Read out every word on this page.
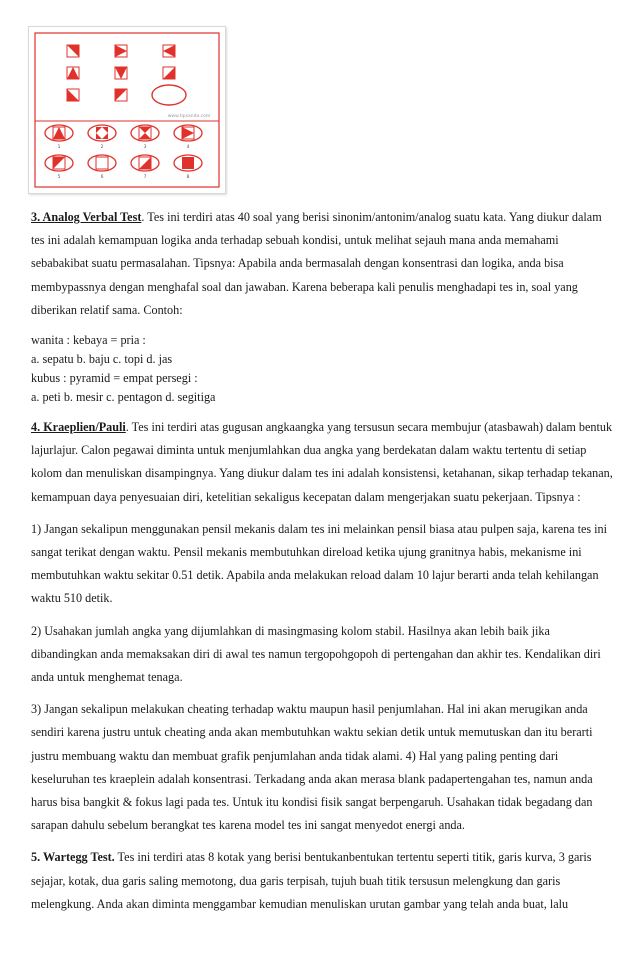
www.tipsanda.com
1	2	3	4
5	6	7	8

3. Analog Verbal Test. Tes ini terdiri atas 40 soal yang berisi sinonim/antonim/analog suatu kata. Yang diukur dalam tes ini adalah kemampuan logika anda terhadap sebuah kondisi, untuk melihat sejauh mana anda memahami sebabakibat suatu permasalahan. Tipsnya: Apabila anda bermasalah dengan konsentrasi dan logika, anda bisa membypassnya dengan menghafal soal dan jawaban. Karena beberapa kali penulis menghadapi tes in, soal yang diberikan relatif sama. Contoh:

wanita : kebaya = pria :

a. sepatu b. baju c. topi d. jas

kubus : pyramid = empat persegi :

a. peti b. mesir c. pentagon d. segitiga

4. Kraeplien/Pauli. Tes ini terdiri atas gugusan angkaangka yang tersusun secara membujur (atasbawah) dalam bentuk lajurlajur. Calon pegawai diminta untuk menjumlahkan dua angka yang berdekatan dalam waktu tertentu di setiap kolom dan menuliskan disampingnya. Yang diukur dalam tes ini adalah konsistensi, ketahanan, sikap terhadap tekanan, kemampuan daya penyesuaian diri, ketelitian sekaligus kecepatan dalam mengerjakan suatu pekerjaan. Tipsnya :

1) Jangan sekalipun menggunakan pensil mekanis dalam tes ini melainkan pensil biasa atau pulpen saja, karena tes ini sangat terikat dengan waktu. Pensil mekanis membutuhkan direload ketika ujung granitnya habis, mekanisme ini membutuhkan waktu sekitar 0.51 detik. Apabila anda melakukan reload dalam 10 lajur berarti anda telah kehilangan waktu 510 detik.

2) Usahakan jumlah angka yang dijumlahkan di masingmasing kolom stabil. Hasilnya akan lebih baik jika dibandingkan anda memaksakan diri di awal tes namun tergopohgopoh di pertengahan dan akhir tes. Kendalikan diri anda untuk menghemat tenaga.

3) Jangan sekalipun melakukan cheating terhadap waktu maupun hasil penjumlahan. Hal ini akan merugikan anda sendiri karena justru untuk cheating anda akan membutuhkan waktu sekian detik untuk memutuskan dan itu berarti justru membuang waktu dan membuat grafik penjumlahan anda tidak alami. 4) Hal yang paling penting dari keseluruhan tes kraeplein adalah konsentrasi. Terkadang anda akan merasa blank padapertengahan tes, namun anda harus bisa bangkit & fokus lagi pada tes. Untuk itu kondisi fisik sangat berpengaruh. Usahakan tidak begadang dan sarapan dahulu sebelum berangkat tes karena model tes ini sangat menyedot energi anda.

5. Wartegg Test. Tes ini terdiri atas 8 kotak yang berisi bentukanbentukan tertentu seperti titik, garis kurva, 3 garis sejajar, kotak, dua garis saling memotong, dua garis terpisah, tujuh buah titik tersusun melengkung dan garis melengkung. Anda akan diminta menggambar kemudian menuliskan urutan gambar yang telah anda buat, lalu
